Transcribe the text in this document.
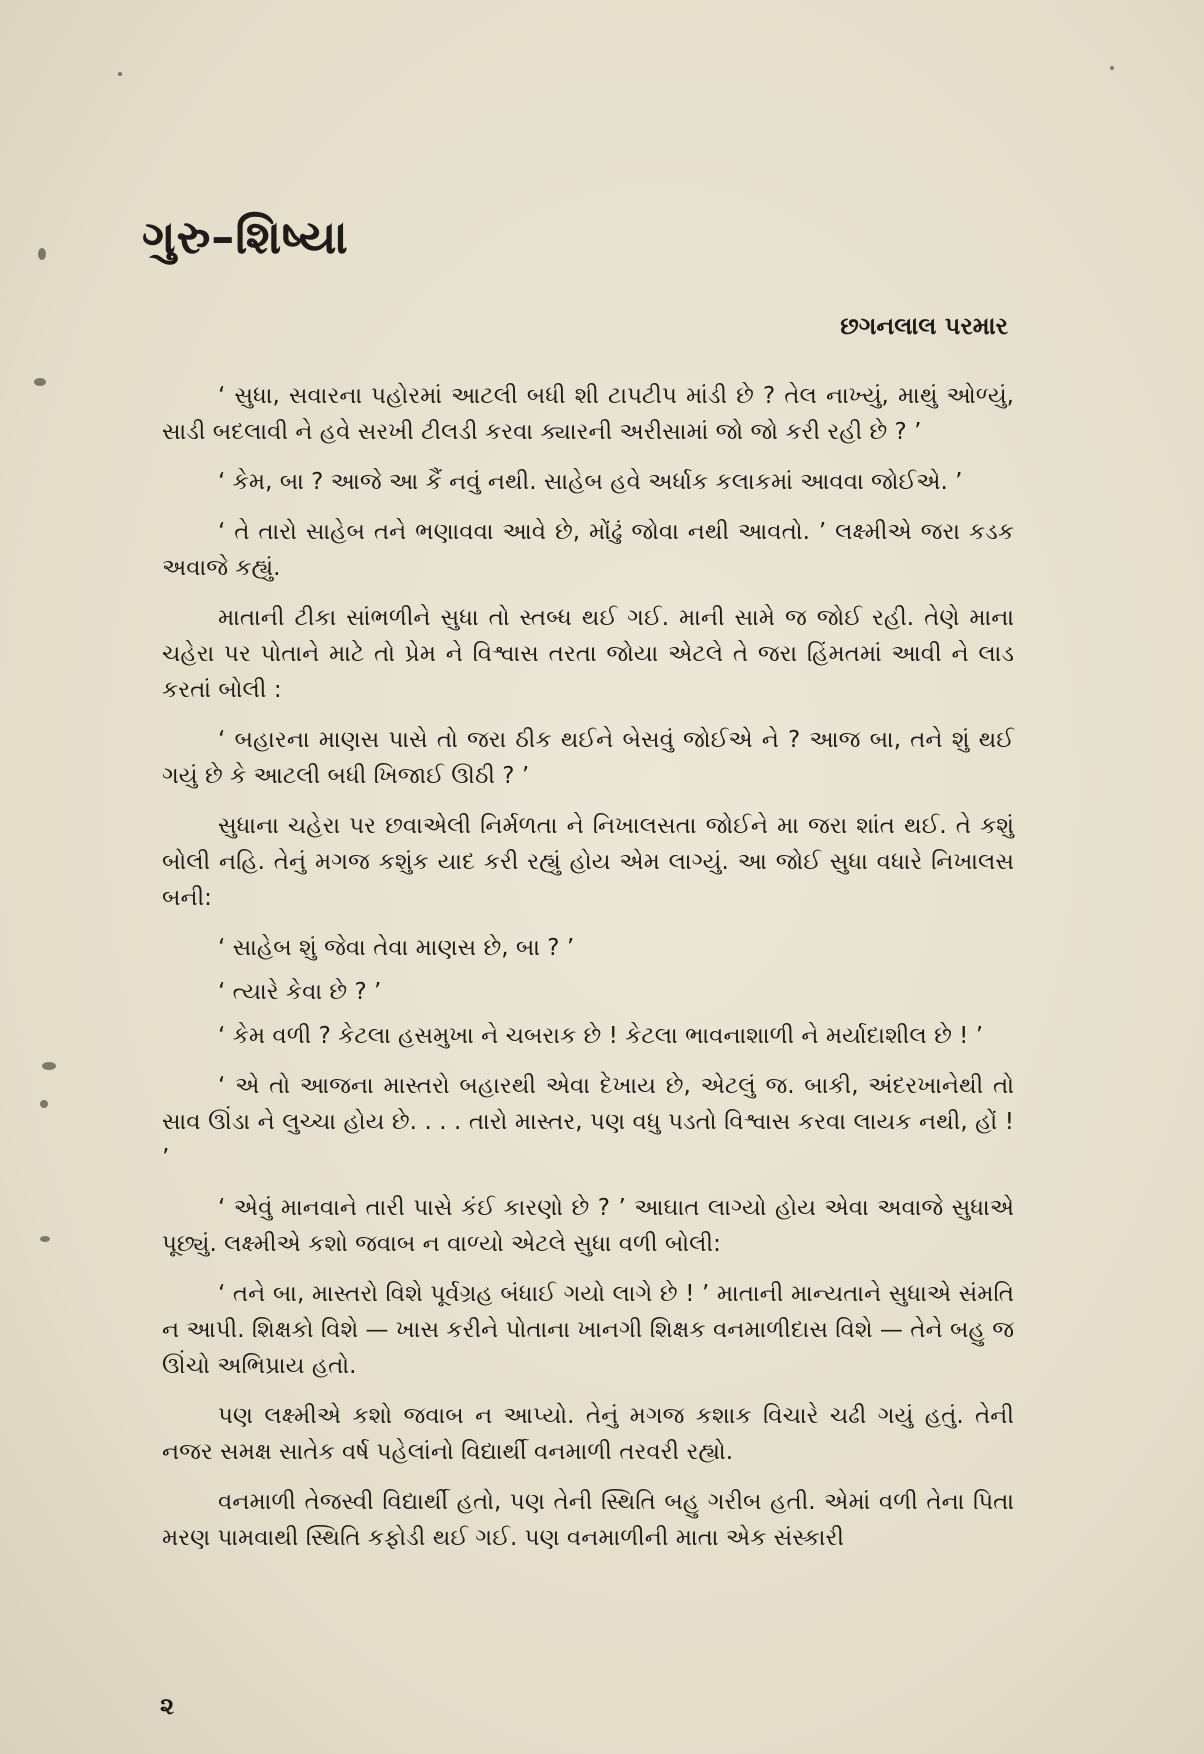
ગુરુ–શિષ્યા
છગનલાલ પરમાર

‘ સુધા, સવારના પહોરમાં આટલી બધી શી ટાપટીપ માંડી છે ? તેલ નાખ્યું, માથું ઓળ્યું, સાડી બદલાવી ને હવે સરખી ટીલડી કરવા ક્યારની અરીસામાં જો જો કરી રહી છે ? ’

‘ કેમ, બા ? આજે આ કૈં નવું નથી. સાહેબ હવે અર્ધાક કલાકમાં આવવા જોઈએ. ’

‘ તે તારો સાહેબ તને ભણાવવા આવે છે, મોંઢું જોવા નથી આવતો. ’ લક્ષ્મીએ જરા કડક અવાજે કહ્યું.

માતાની ટીકા સાંભળીને સુધા તો સ્તબ્ધ થઈ ગઈ. માની સામે જ જોઈ રહી. તેણે માના ચહેરા પર પોતાને માટે તો પ્રેમ ને વિશ્વાસ તરતા જોયા એટલે તે જરા હિંમતમાં આવી ને લાડ કરતાં બોલી :

‘ બહારના માણસ પાસે તો જરા ઠીક થઈને બેસવું જોઈએ ને ? આજ બા, તને શું થઈ ગયું છે કે આટલી બધી ખિજાઈ ઊઠી ? ’

સુધાના ચહેરા પર છવાએલી નિર્મળતા ને નિખાલસતા જોઈને મા જરા શાંત થઈ. તે કશું બોલી નહિ. તેનું મગજ કશુંક યાદ કરી રહ્યું હોય એમ લાગ્યું. આ જોઈ સુધા વધારે નિખાલસ બની:

‘ સાહેબ શું જેવા તેવા માણસ છે, બા ? ’

‘ ત્યારે કેવા છે ? ’

‘ કેમ વળી ? કેટલા હસમુખા ને ચબરાક છે ! કેટલા ભાવનાશાળી ને મર્યાદાશીલ છે ! ’

‘ એ તો આજના માસ્તરો બહારથી એવા દેખાય છે, એટલું જ. બાકી, અંદરખાનેથી તો સાવ ઊંડા ને લુચ્ચા હોય છે. . . . તારો માસ્તર, પણ વધુ પડતો વિશ્વાસ કરવા લાયક નથી, હોં ! ’

‘ એવું માનવાને તારી પાસે કંઈ કારણો છે ? ’ આઘાત લાગ્યો હોય એવા અવાજે સુધાએ પૂછ્યું. લક્ષ્મીએ કશો જવાબ ન વાળ્યો એટલે સુધા વળી બોલી:

‘ તને બા, માસ્તરો વિશે પૂર્વગ્રહ બંધાઈ ગયો લાગે છે ! ’ માતાની માન્યતાને સુધાએ સંમતિ ન આપી. શિક્ષકો વિશે — ખાસ કરીને પોતાના ખાનગી શિક્ષક વનમાળીદાસ વિશે — તેને બહુ જ ઊંચો અભિપ્રાય હતો.

પણ લક્ષ્મીએ કશો જવાબ ન આપ્યો. તેનું મગજ કશાક વિચારે ચઢી ગયું હતું. તેની નજર સમક્ષ સાતેક વર્ષ પહેલાંનો વિદ્યાર્થી વનમાળી તરવરી રહ્યો.

વનમાળી તેજસ્વી વિદ્યાર્થી હતો, પણ તેની સ્થિતિ બહુ ગરીબ હતી. એમાં વળી તેના પિતા મરણ પામવાથી સ્થિતિ કફોડી થઈ ગઈ. પણ વનમાળીની માતા એક સંસ્કારી

૨
